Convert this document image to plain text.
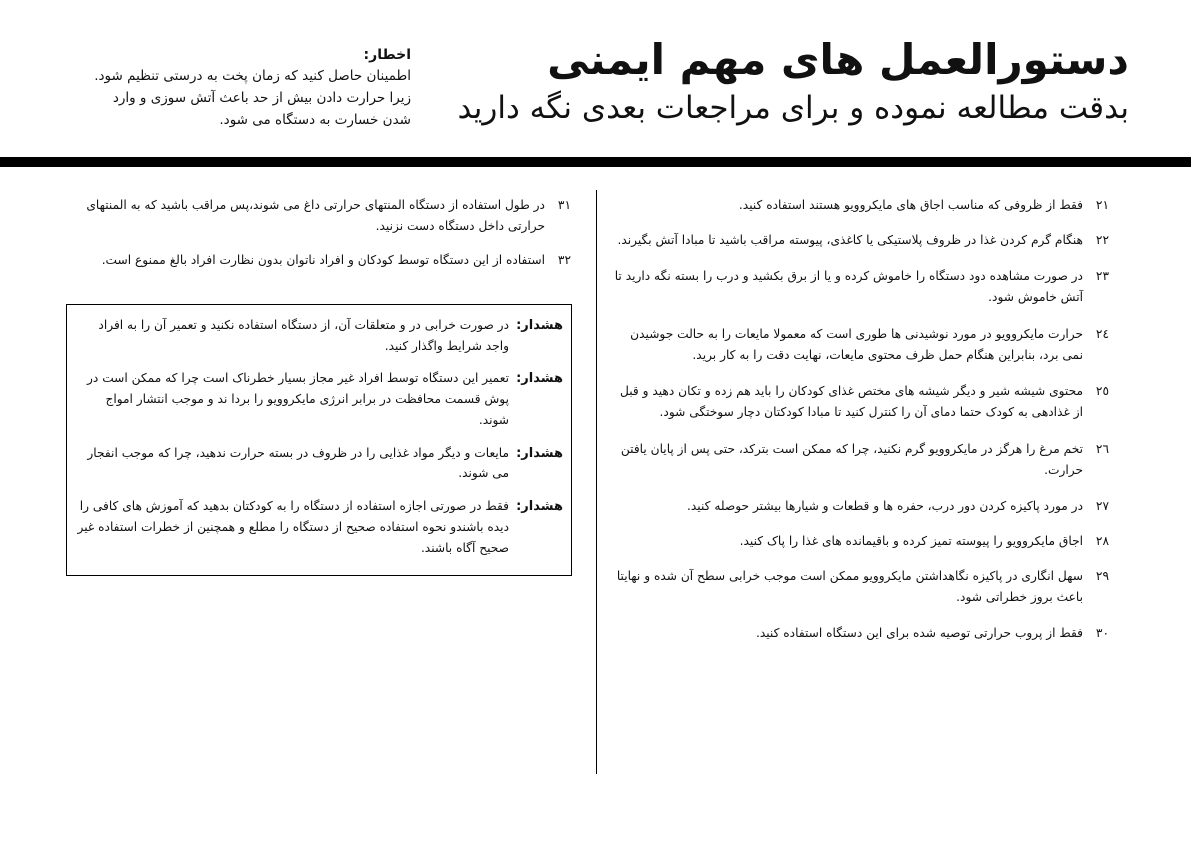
دستورالعمل های مهم ایمنی
بدقت مطالعه نموده و برای مراجعات بعدی نگه دارید
اخطار:
اطمینان حاصل کنید که زمان پخت به درستی تنظیم شود.
زیرا حرارت دادن بیش از حد باعث آتش سوزی و وارد
شدن خسارت به دستگاه می شود.
٢١
فقط از ظروفی که مناسب اجاق های مایکروویو هستند استفاده کنید.
٢٢
هنگام گرم کردن غذا در ظروف پلاستیکی یا کاغذی، پیوسته مراقب باشید تا مبادا آتش بگیرند.
٢٣
در صورت مشاهده دود دستگاه را خاموش کرده و یا از برق بکشید و درب را بسته نگه دارید تا آتش خاموش شود.
٢٤
حرارت مایکروویو در مورد نوشیدنی ها طوری است که معمولا مایعات را به حالت جوشیدن نمی برد، بنابراین هنگام حمل ظرف محتوی مایعات، نهایت دقت را به کار برید.
٢٥
محتوی شیشه شیر و دیگر شیشه های مختص غذای کودکان را باید هم زده و تکان دهید و قبل از غذادهی به کودک حتما دمای آن را کنترل کنید تا مبادا کودکتان دچار سوختگی شود.
٢٦
تخم مرغ را هرگز در مایکروویو گرم نکنید، چرا که ممکن است بترکد، حتی پس از پایان یافتن حرارت.
٢٧
در مورد پاکیزه کردن دور درب، حفره ها و قطعات و شیارها بیشتر حوصله کنید.
٢٨
اجاق مایکروویو را پیوسته تمیز کرده و باقیمانده های غذا را پاک کنید.
٢٩
سهل انگاری در پاکیزه نگاهداشتن مایکروویو ممکن است موجب خرابی سطح آن شده و نهایتا باعث بروز خطراتی شود.
٣٠
فقط از پروب حرارتی توصیه شده برای این دستگاه استفاده کنید.
٣١
در طول استفاده از دستگاه المنتهای حرارتی داغ می شوند،پس مراقب باشید که به المنتهای حرارتی داخل دستگاه دست نزنید.
٣٢
استفاده از این دستگاه توسط کودکان و افراد ناتوان بدون نظارت افراد بالغ ممنوع است.
هشدار:
در صورت خرابی در و متعلقات آن، از دستگاه استفاده نکنید و تعمیر آن را به افراد واجد شرایط واگذار کنید.
هشدار:
تعمیر این دستگاه توسط افراد غیر مجاز بسیار خطرناک است چرا که ممکن است در پوش قسمت محافظت در برابر انرژی مایکروویو را بردا ند و موجب انتشار امواج شوند.
هشدار:
مایعات و دیگر مواد غذایی را در ظروف در بسته حرارت ندهید، چرا که موجب انفجار می شوند.
هشدار:
فقط در صورتی اجازه استفاده از دستگاه را به کودکتان بدهید که آموزش های کافی را دیده باشندو نحوه استفاده صحیح از دستگاه را مطلع و همچنین از خطرات استفاده غیر صحیح آگاه باشند.
